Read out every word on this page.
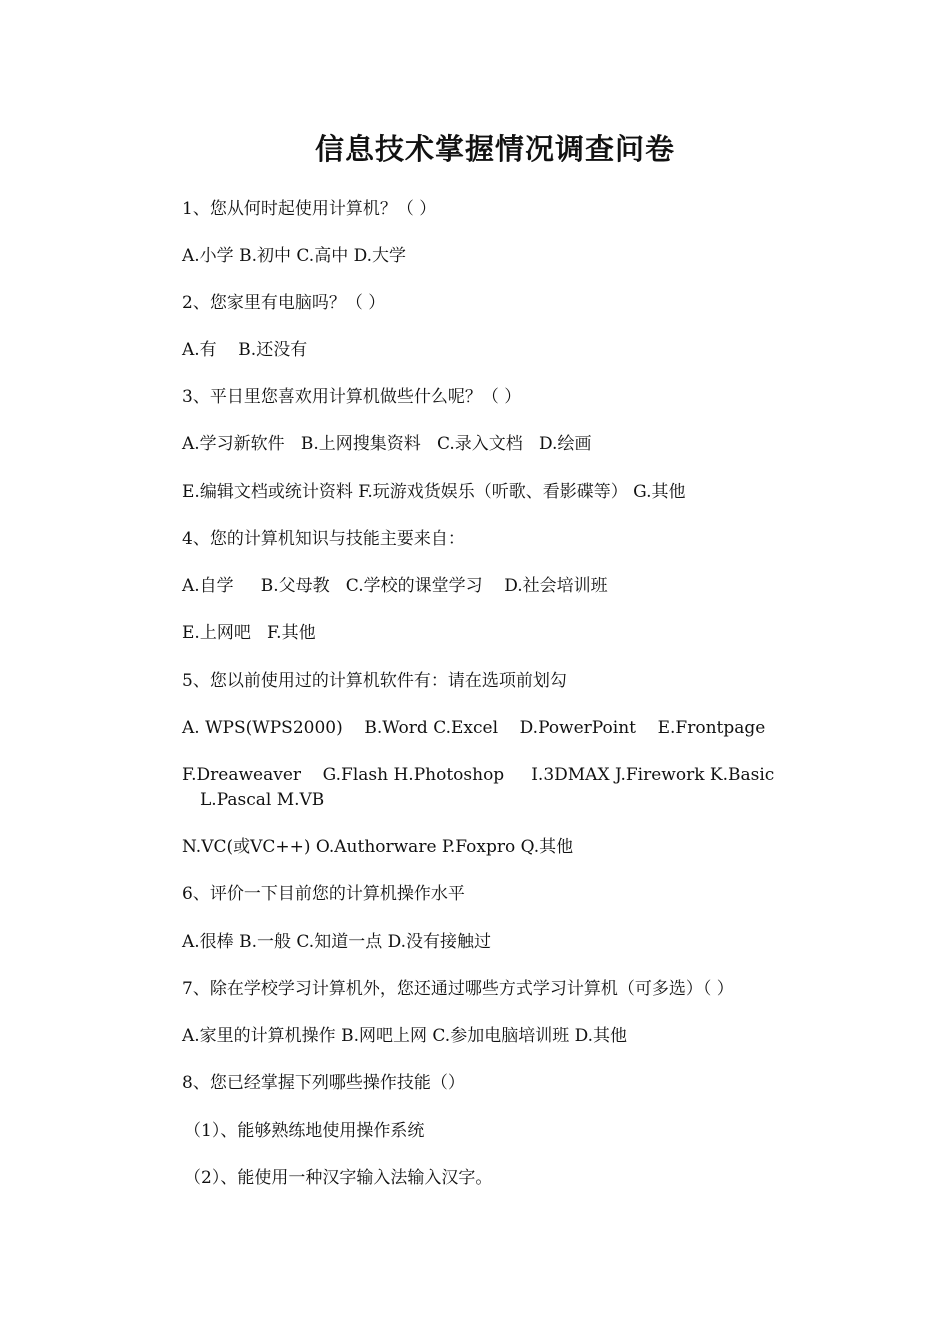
信息技术掌握情况调查问卷
1、您从何时起使用计算机？（ ）
A.小学 B.初中 C.高中 D.大学
2、您家里有电脑吗？（ ）
A.有    B.还没有
3、平日里您喜欢用计算机做些什么呢？（ ）
A.学习新软件   B.上网搜集资料   C.录入文档   D.绘画
E.编辑文档或统计资料 F.玩游戏货娱乐（听歌、看影碟等） G.其他
4、您的计算机知识与技能主要来自：
A.自学     B.父母教   C.学校的课堂学习    D.社会培训班
E.上网吧   F.其他
5、您以前使用过的计算机软件有：请在选项前划勾
A. WPS(WPS2000)    B.Word C.Excel    D.PowerPoint    E.Frontpage
F.Dreaweaver    G.Flash H.Photoshop     I.3DMAX J.Firework K.Basic
L.Pascal M.VB
N.VC(或VC++) O.Authorware P.Foxpro Q.其他
6、评价一下目前您的计算机操作水平
A.很棒 B.一般 C.知道一点 D.没有接触过
7、除在学校学习计算机外，您还通过哪些方式学习计算机（可多选）（ ）
A.家里的计算机操作 B.网吧上网 C.参加电脑培训班 D.其他
8、您已经掌握下列哪些操作技能（）
（1）、能够熟练地使用操作系统
（2）、能使用一种汉字输入法输入汉字。
